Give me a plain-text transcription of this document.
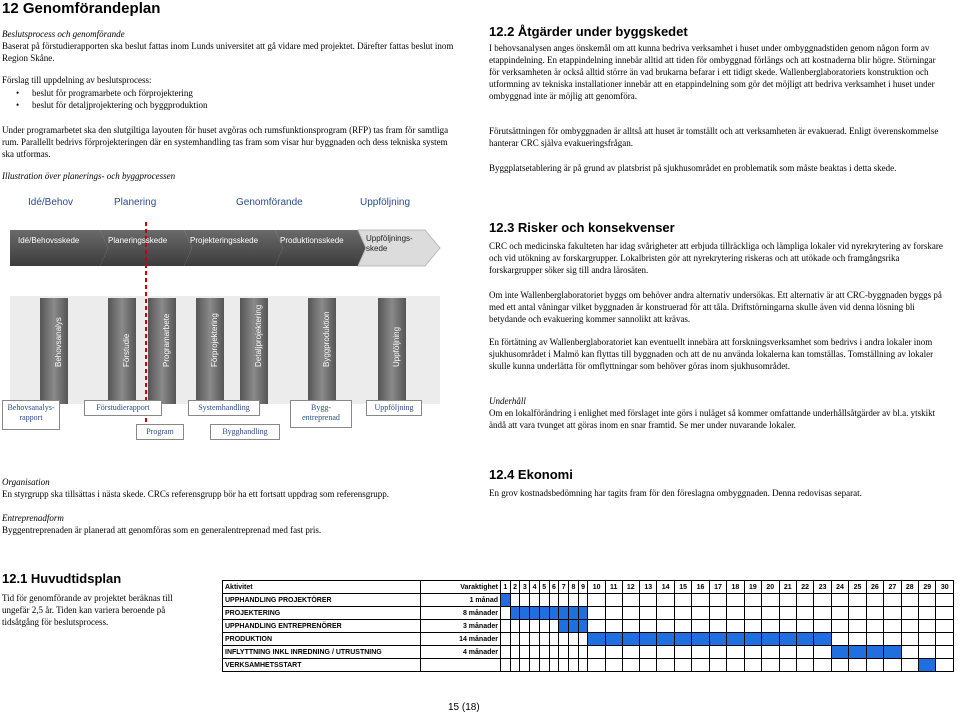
12 Genomförandeplan
Beslutsprocess och genomförande
Baserat på förstudierapporten ska beslut fattas inom Lunds universitet att gå vidare med projektet. Därefter fattas beslut inom Region Skåne.
Förslag till uppdelning av beslutsprocess:
• beslut för programarbete och förprojektering
• beslut för detaljprojektering och byggproduktion
Under programarbetet ska den slutgiltiga layouten för huset avgöras och rumsfunktionsprogram (RFP) tas fram för samtliga rum. Parallellt bedrivs förprojekteringen där en systemhandling tas fram som visar hur byggnaden och dess tekniska system ska utformas.
Illustration över planerings- och byggprocessen
Idé/Behov	Planering	Genomförande	Uppföljning
Idé/Behovsskede	Planeringsskede	Projekteringsskede	Produktionsskede	Uppföljnings-
skede
Behovsanalys	Förstudie	Programarbete	Förprojektering	Detaljprojektering	Byggproduktion	Uppföljning
Behovsanalys-
rapport
Förstudierapport
Program
Systemhandling
Bygghandling
Bygg-
entreprenad
Uppföljning
Organisation
En styrgrupp ska tillsättas i nästa skede. CRCs referensgrupp bör ha ett fortsatt uppdrag som referensgrupp.
Entreprenadform
Byggentreprenaden är planerad att genomföras som en generalentreprenad med fast pris.
12.2 Åtgärder under byggskedet
I behovsanalysen anges önskemål om att kunna bedriva verksamhet i huset under ombyggnadstiden genom någon form av etappindelning. En etappindelning innebär alltid att tiden för ombyggnad förlängs och att kostnaderna blir högre. Störningar för verksamheten är också alltid större än vad brukarna befarar i ett tidigt skede. Wallenberglaboratoriets konstruktion och utformning av tekniska installationer innebär att en etappindelning som gör det möjligt att bedriva verksamhet i huset under ombyggnad inte är möjlig att genomföra.
Förutsättningen för ombyggnaden är alltså att huset är tomställt och att verksamheten är evakuerad. Enligt överenskommelse hanterar CRC själva evakueringsfrågan.
Byggplatsetablering är på grund av platsbrist på sjukhusområdet en problematik som måste beaktas i detta skede.
12.3 Risker och konsekvenser
CRC och medicinska fakulteten har idag svårigheter att erbjuda tillräckliga och lämpliga lokaler vid nyrekrytering av forskare och vid utökning av forskargrupper. Lokalbristen gör att nyrekrytering riskeras och att utökade och framgångsrika forskargrupper söker sig till andra lärosäten.
Om inte Wallenberglaboratoriet byggs om behöver andra alternativ undersökas. Ett alternativ är att CRC-byggnaden byggs på med ett antal våningar vilket byggnaden är konstruerad för att tåla. Driftstörningarna skulle även vid denna lösning bli betydande och evakuering kommer sannolikt att krävas.
En förtätning av Wallenberglaboratoriet kan eventuellt innebära att forskningsverksamhet som bedrivs i andra lokaler inom sjukhusområdet i Malmö kan flyttas till byggnaden och att de nu använda lokalerna kan tomställas. Tomställning av lokaler skulle kunna underlätta för omflyttningar som behöver göras inom sjukhusområdet.
Underhåll
Om en lokalförändring i enlighet med förslaget inte görs i nuläget så kommer omfattande underhållsåtgärder av bl.a. ytskikt ändå att vara tvunget att göras inom en snar framtid. Se mer under nuvarande lokaler.
12.4 Ekonomi
En grov kostnadsbedömning har tagits fram för den föreslagna ombyggnaden. Denna redovisas separat.
12.1 Huvudtidsplan
Tid för genomförande av projektet beräknas till ungefär 2,5 år. Tiden kan variera beroende på tidsåtgång för beslutsprocess.
Aktivitet	Varaktighet	1	2	3	4	5	6	7	8	9	10	11	12	13	14	15	16	17	18	19	20	21	22	23	24	25	26	27	28	29	30
UPPHANDLING PROJEKTÖRER	1 månad																														
PROJEKTERING	8 månader																														
UPPHANDLING ENTREPRENÖRER	3 månader																														
PRODUKTION	14 månader																														
INFLYTTNING INKL INREDNING / UTRUSTNING	4 månader																														
VERKSAMHETSSTART																															
15 (18)
